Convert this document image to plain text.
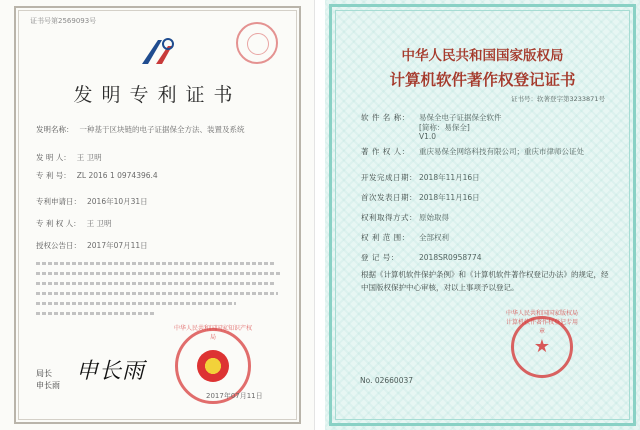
证书号第2569093号
发明专利证书
发明名称： 一种基于区块链的电子证据保全方法、装置及系统
发 明 人： 王 卫明
专 利 号： ZL 2016 1 0974396.4
专利申请日： 2016年10月31日
专 利 权 人： 王 卫明
授权公告日： 2017年07月11日
局长
申长雨
申长雨
中华人民共和国国家知识产权局
2017年07月11日
中华人民共和国国家版权局
计算机软件著作权登记证书
证书号：软著登字第3233871号
软 件 名 称： 易保全电子证据保全软件
[简称：易保全]
V1.0
著 作 权 人： 重庆易保全网络科技有限公司；重庆市律师公证处
开发完成日期： 2018年11月16日
首次发表日期： 2018年11月16日
权利取得方式： 原始取得
权 利 范 围： 全部权利
登 记 号：	2018SR0958774
根据《计算机软件保护条例》和《计算机软件著作权登记办法》的规定，经中国版权保护中心审核，对以上事项予以登记。
中华人民共和国国家版权局 计算机软件著作权登记专用章
★
No. 02660037
